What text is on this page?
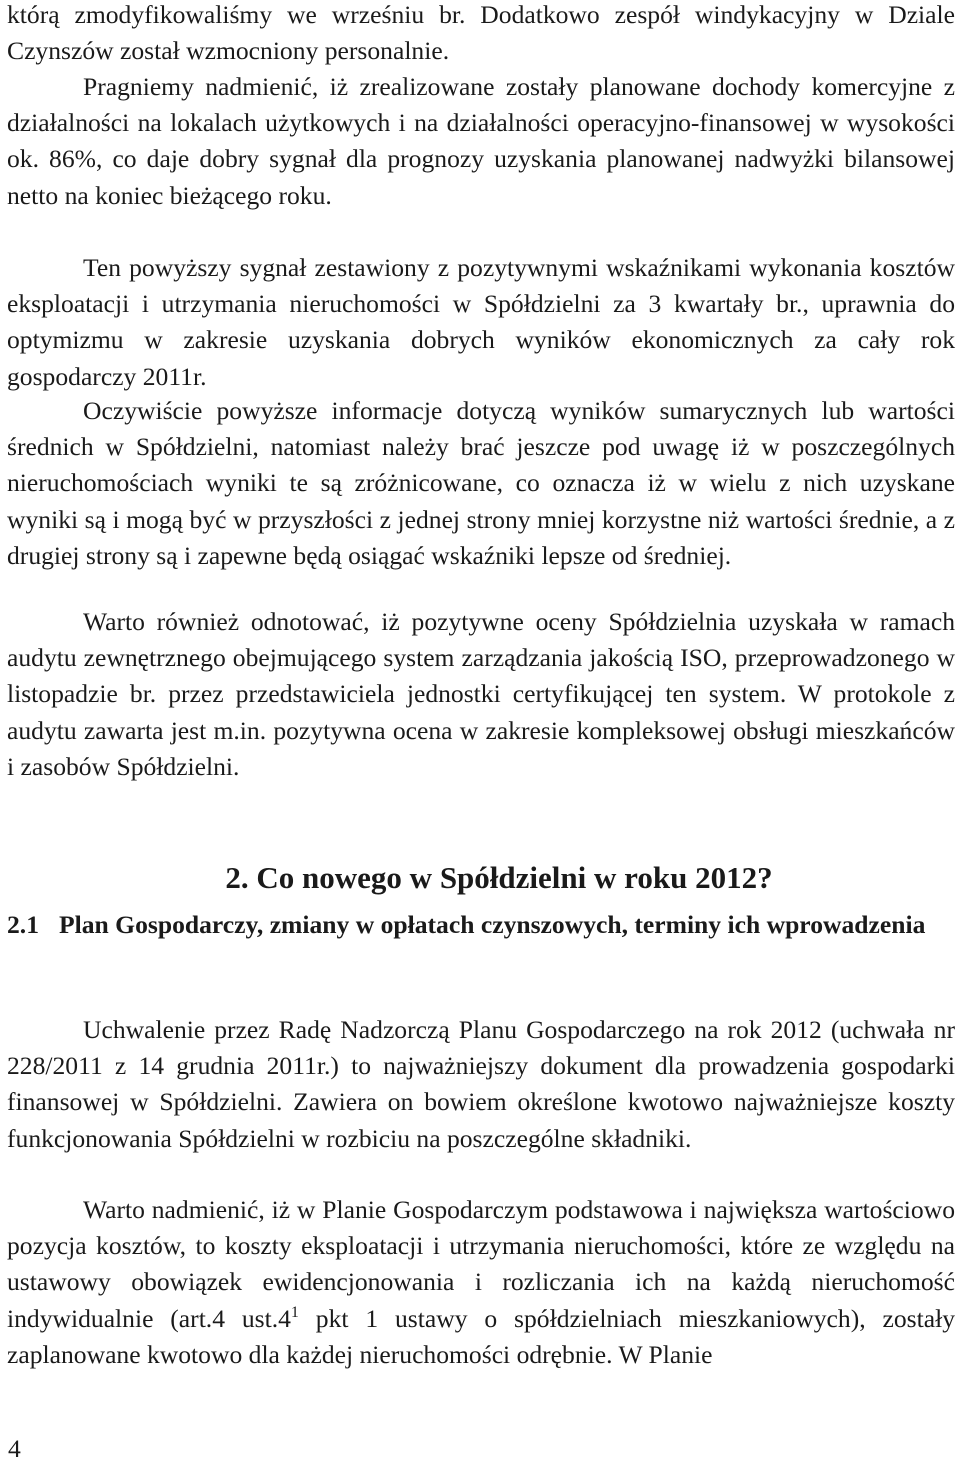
którą zmodyfikowaliśmy we wrześniu br. Dodatkowo zespół windykacyjny w Dziale Czynszów został wzmocniony personalnie.

Pragniemy nadmienić, iż zrealizowane zostały planowane dochody komercyjne z działalności na lokalach użytkowych i na działalności operacyjno-finansowej w wysokości ok. 86%, co daje dobry sygnał dla prognozy uzyskania planowanej nadwyżki bilansowej netto na koniec bieżącego roku.

Ten powyższy sygnał zestawiony z pozytywnymi wskaźnikami wykonania kosztów eksploatacji i utrzymania nieruchomości w Spółdzielni za 3 kwartały br., uprawnia do optymizmu w zakresie uzyskania dobrych wyników ekonomicznych za cały rok gospodarczy 2011r.

Oczywiście powyższe informacje dotyczą wyników sumarycznych lub wartości średnich w Spółdzielni, natomiast należy brać jeszcze pod uwagę iż w poszczególnych nieruchomościach wyniki te są zróżnicowane, co oznacza iż w wielu z nich uzyskane wyniki są i mogą być w przyszłości z jednej strony mniej korzystne niż wartości średnie, a z drugiej strony są i zapewne będą osiągać wskaźniki lepsze od średniej.

Warto również odnotować, iż pozytywne oceny Spółdzielnia uzyskała w ramach audytu zewnętrznego obejmującego system zarządzania jakością ISO, przeprowadzonego w listopadzie br. przez przedstawiciela jednostki certyfikującej ten system. W protokole z audytu zawarta jest m.in. pozytywna ocena w zakresie kompleksowej obsługi mieszkańców i zasobów Spółdzielni.

2. Co nowego w Spółdzielni w roku 2012?
2.1 Plan Gospodarczy, zmiany w opłatach czynszowych, terminy ich wprowadzenia

Uchwalenie przez Radę Nadzorczą Planu Gospodarczego na rok 2012 (uchwała nr 228/2011 z 14 grudnia 2011r.) to najważniejszy dokument dla prowadzenia gospodarki finansowej w Spółdzielni. Zawiera on bowiem określone kwotowo najważniejsze koszty funkcjonowania Spółdzielni w rozbiciu na poszczególne składniki.

Warto nadmienić, iż w Planie Gospodarczym podstawowa i największa wartościowo pozycja kosztów, to koszty eksploatacji i utrzymania nieruchomości, które ze względu na ustawowy obowiązek ewidencjonowania i rozliczania ich na każdą nieruchomość indywidualnie (art.4 $ust.4^1$ pkt 1 ustawy o spółdzielniach mieszkaniowych), zostały zaplanowane kwotowo dla każdej nieruchomości odrębnie. W Planie

4
